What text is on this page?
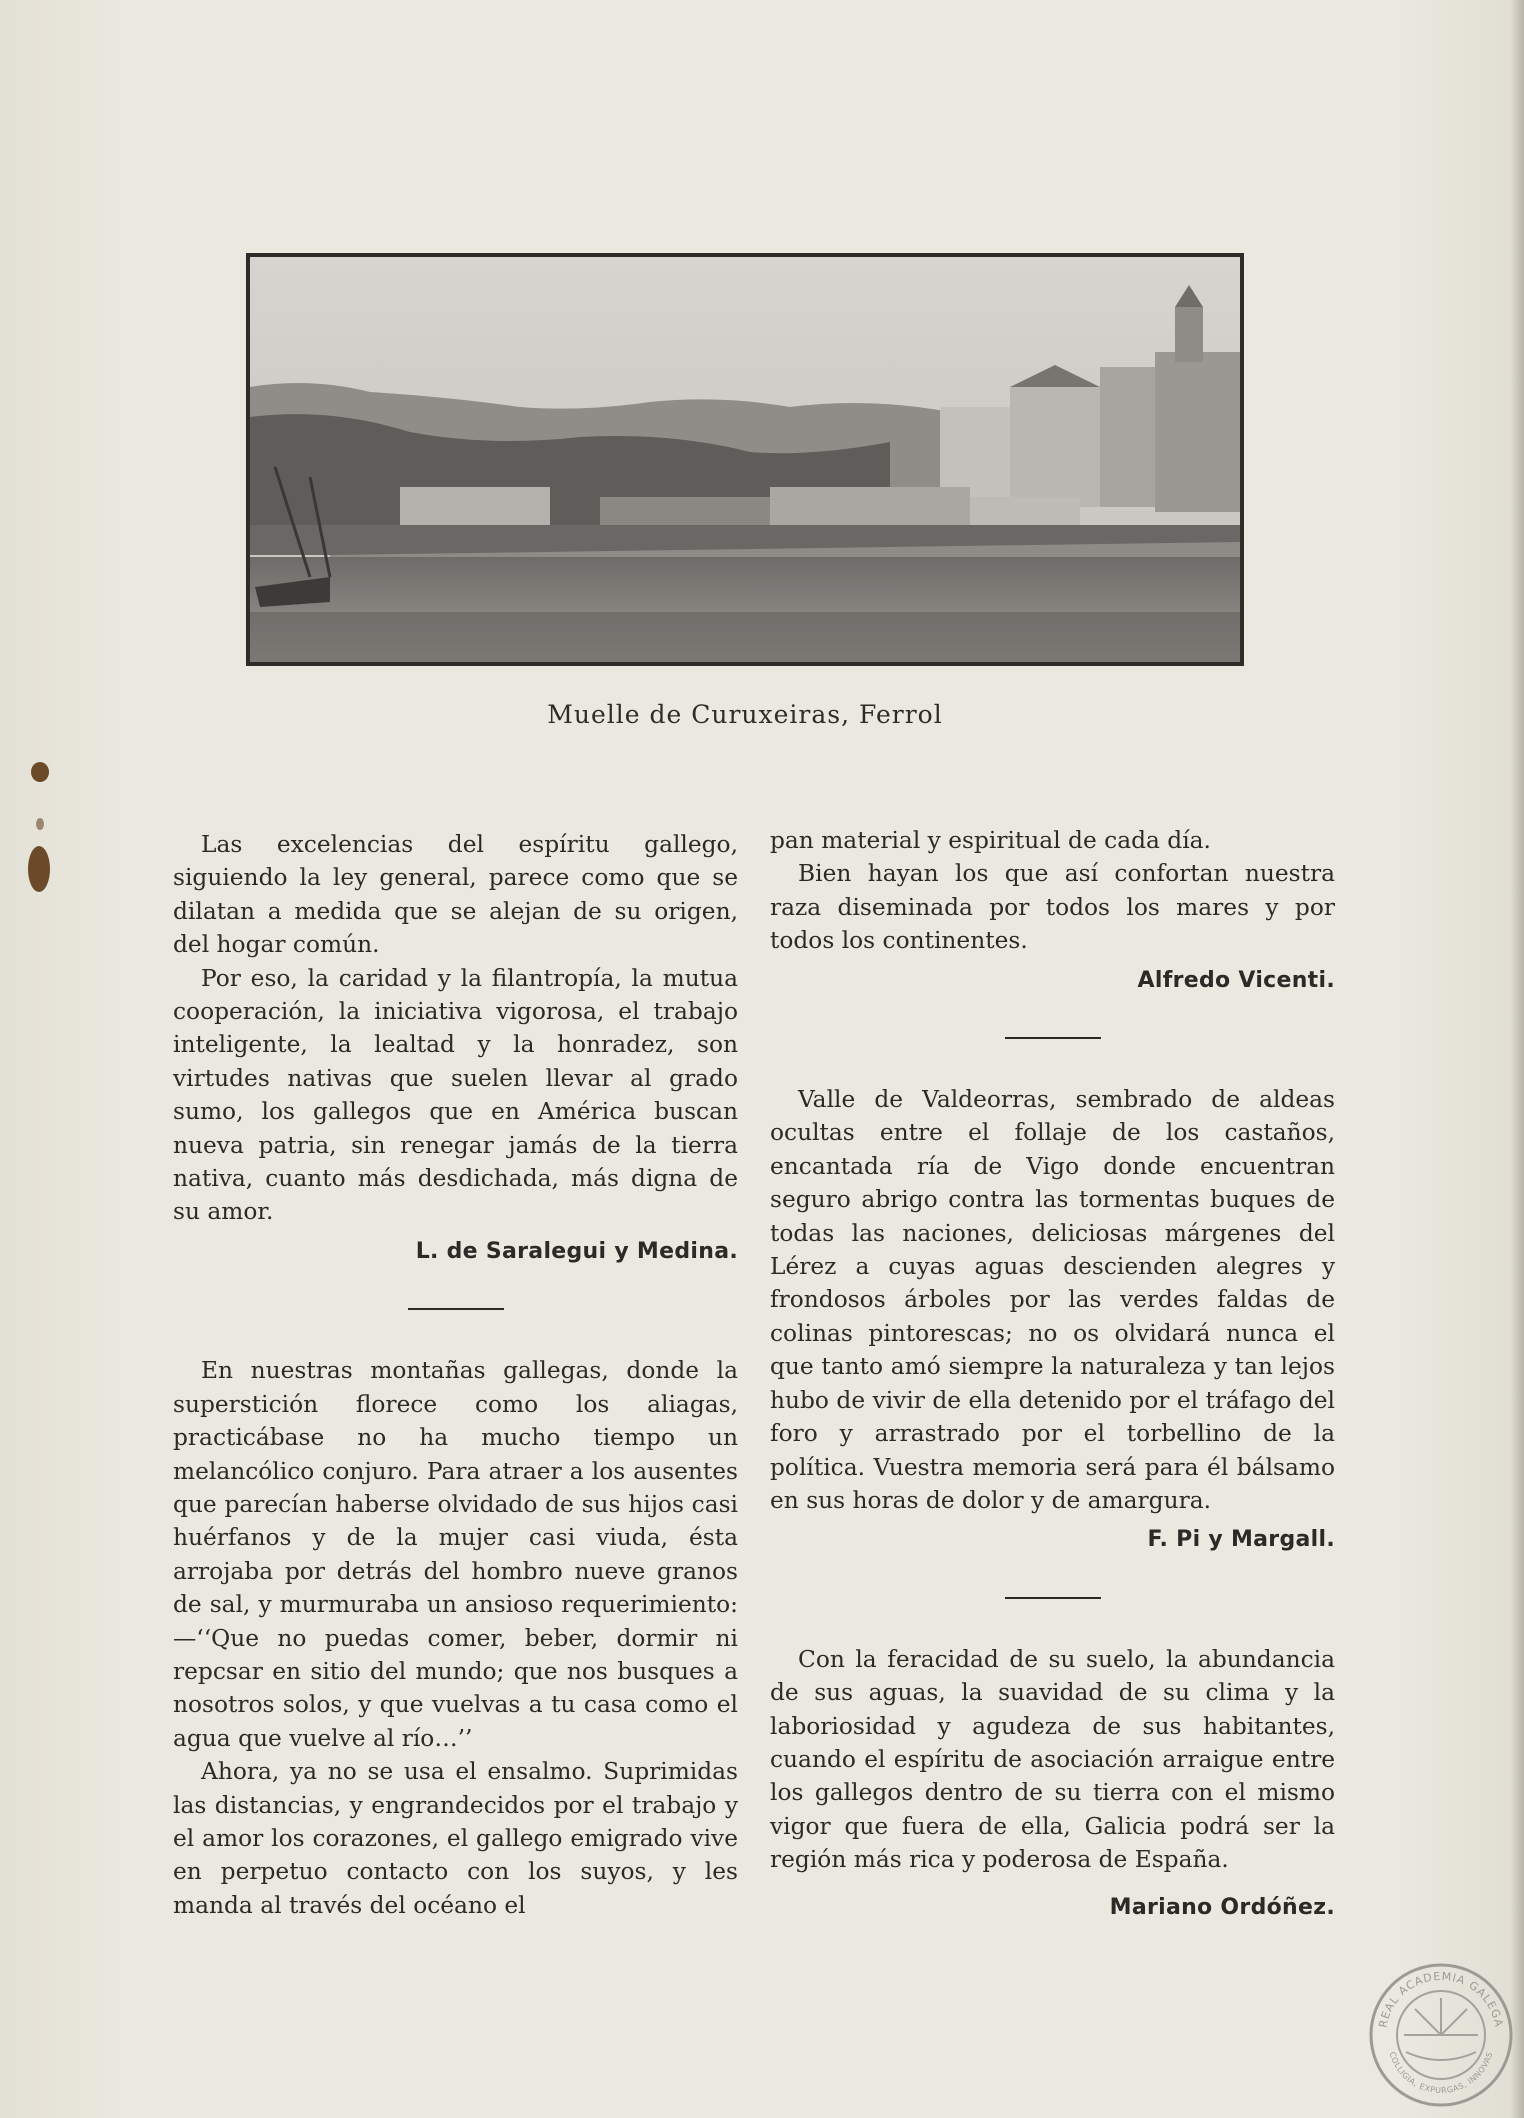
Muelle de Curuxeiras, Ferrol

Las excelencias del espíritu gallego, siguiendo la ley general, parece como que se dilatan a medida que se alejan de su origen, del hogar común.

Por eso, la caridad y la filantropía, la mutua cooperación, la iniciativa vigorosa, el trabajo inteligente, la lealtad y la honradez, son virtudes nativas que suelen llevar al grado sumo, los gallegos que en América buscan nueva patria, sin renegar jamás de la tierra nativa, cuanto más desdichada, más digna de su amor.

L. de Saralegui y Medina.

En nuestras montañas gallegas, donde la superstición florece como los aliagas, practicábase no ha mucho tiempo un melancólico conjuro. Para atraer a los ausentes que parecían haberse olvidado de sus hijos casi huérfanos y de la mujer casi viuda, ésta arrojaba por detrás del hombro nueve granos de sal, y murmuraba un ansioso requerimiento:—‘‘Que no puedas comer, beber, dormir ni repcsar en sitio del mundo; que nos busques a nosotros solos, y que vuelvas a tu casa como el agua que vuelve al río…’’

Ahora, ya no se usa el ensalmo. Suprimidas las distancias, y engrandecidos por el trabajo y el amor los corazones, el gallego emigrado vive en perpetuo contacto con los suyos, y les manda al través del océano el

pan material y espiritual de cada día.

Bien hayan los que así confortan nuestra raza diseminada por todos los mares y por todos los continentes.

Alfredo Vicenti.

Valle de Valdeorras, sembrado de aldeas ocultas entre el follaje de los castaños, encantada ría de Vigo donde encuentran seguro abrigo contra las tormentas buques de todas las naciones, deliciosas márgenes del Lérez a cuyas aguas descienden alegres y frondosos árboles por las verdes faldas de colinas pintorescas; no os olvidará nunca el que tanto amó siempre la naturaleza y tan lejos hubo de vivir de ella detenido por el tráfago del foro y arrastrado por el torbellino de la política. Vuestra memoria será para él bálsamo en sus horas de dolor y de amargura.

F. Pi y Margall.

Con la feracidad de su suelo, la abundancia de sus aguas, la suavidad de su clima y la laboriosidad y agudeza de sus habitantes, cuando el espíritu de asociación arraigue entre los gallegos dentro de su tierra con el mismo vigor que fuera de ella, Galicia podrá ser la región más rica y poderosa de España.

Mariano Ordóñez.
REAL ACADEMIA GALEGA
COLLIGIA, EXPURGAS, INNOVAS
